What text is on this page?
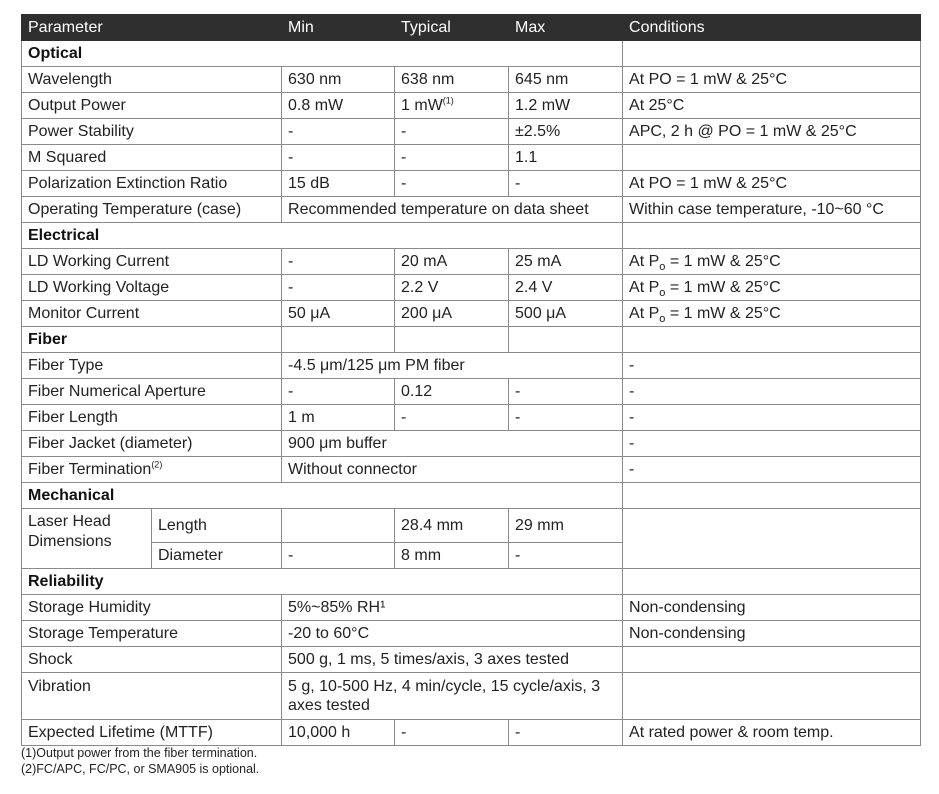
Parameter		Min	Typical	Max	Conditions
Optical					
Wavelength		630 nm	638 nm	645 nm	At PO = 1 mW & 25°C
Output Power		0.8 mW	1 $mW^{(1)}$	1.2 mW	At 25°C
Power Stability		-	-	±2.5%	APC, 2 h @ PO = 1 mW & 25°C
M Squared		-	-	1.1	
Polarization Extinction Ratio		15 dB	-	-	At PO = 1 mW & 25°C
Operating Temperature (case)		Recommended temperature on data sheet			Within case temperature, -10~60 °C
Electrical					
LD Working Current		-	20 mA	25 mA	At $P_o = 1$ mW & 25°C
LD Working Voltage		-	2.2 V	2.4 V	At $P_o = 1$ mW & 25°C
Monitor Current		50 μA	200 μA	500 μA	At $P_o = 1$ mW & 25°C
Fiber					
Fiber Type		-4.5 μm/125 μm PM fiber			-
Fiber Numerical Aperture		-	0.12	-	-
Fiber Length		1 m	-	-	-
Fiber Jacket (diameter)		900 μm buffer			-
Fiber Termination$^{(2)}$		Without connector			-
Mechanical					
Laser Head Dimensions	Length		28.4 mm	29 mm	
	Diameter	-	8 mm	-	
Reliability					
Storage Humidity		5%~85% RH¹			Non-condensing
Storage Temperature		-20 to 60°C			Non-condensing
Shock		500 g, 1 ms, 5 times/axis, 3 axes tested			
Vibration		5 g, 10-500 Hz, 4 min/cycle, 15 cycle/axis, 3 axes tested			
Expected Lifetime (MTTF)		10,000 h	-	-	At rated power & room temp.
(1)Output power from the fiber termination.
(2)FC/APC, FC/PC, or SMA905 is optional.
